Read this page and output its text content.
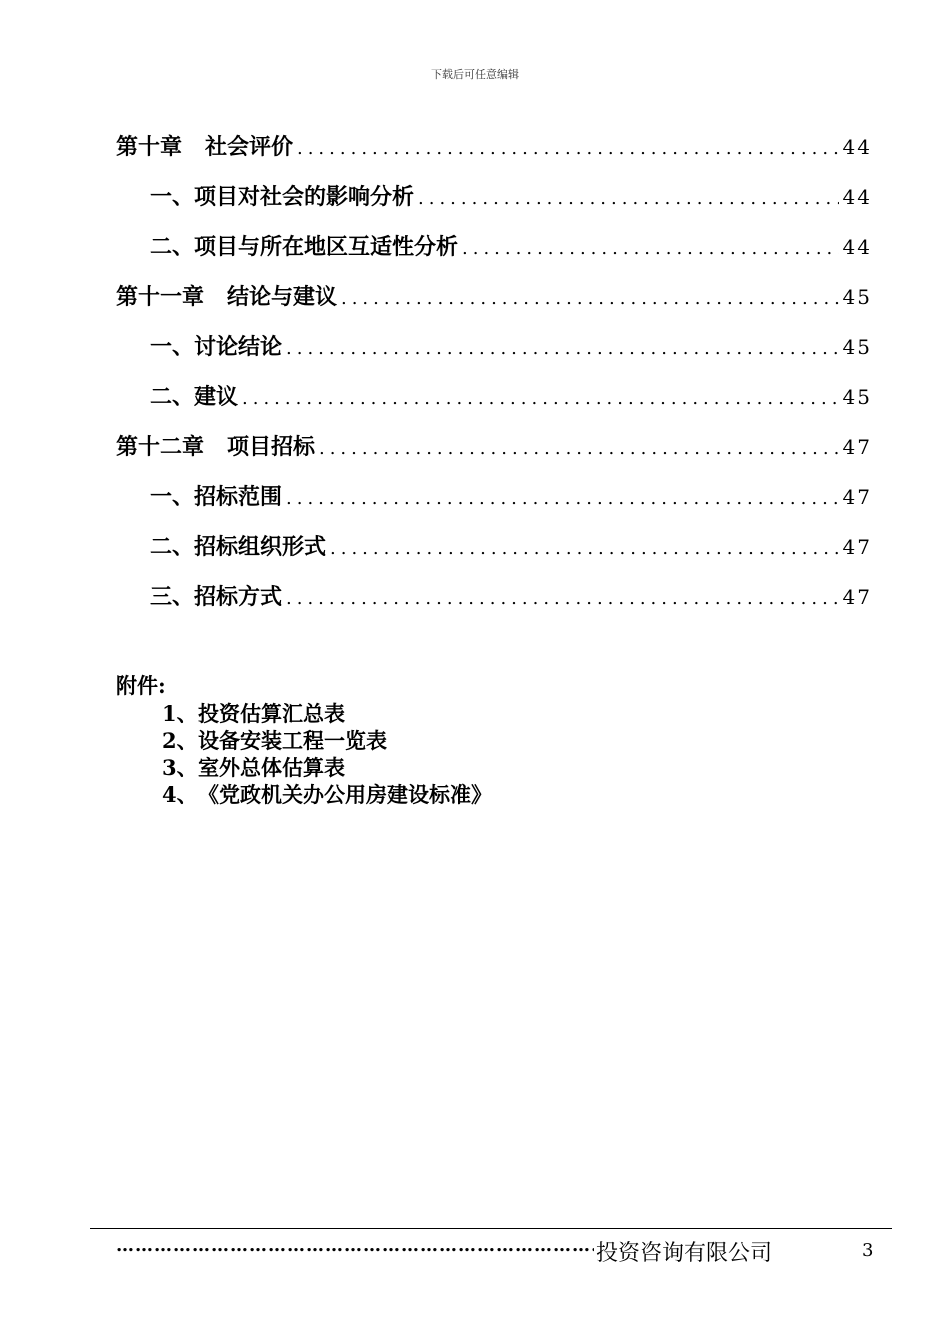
下载后可任意编辑
第十章   社会评价 .....	44
一、项目对社会的影响分析 .....	44
二、项目与所在地区互适性分析 .....	44
第十一章   结论与建议 .....	45
一、讨论结论 .....	45
二、建议 .....	45
第十二章   项目招标 .....	47
一、招标范围 .....	47
二、招标组织形式 .....	47
三、招标方式 .....	47
附件:
1、投资估算汇总表
2、设备安装工程一览表
3、室外总体估算表
4、《党政机关办公用房建设标准》
…………………………………………………………………………
投资咨询有限公司	3
